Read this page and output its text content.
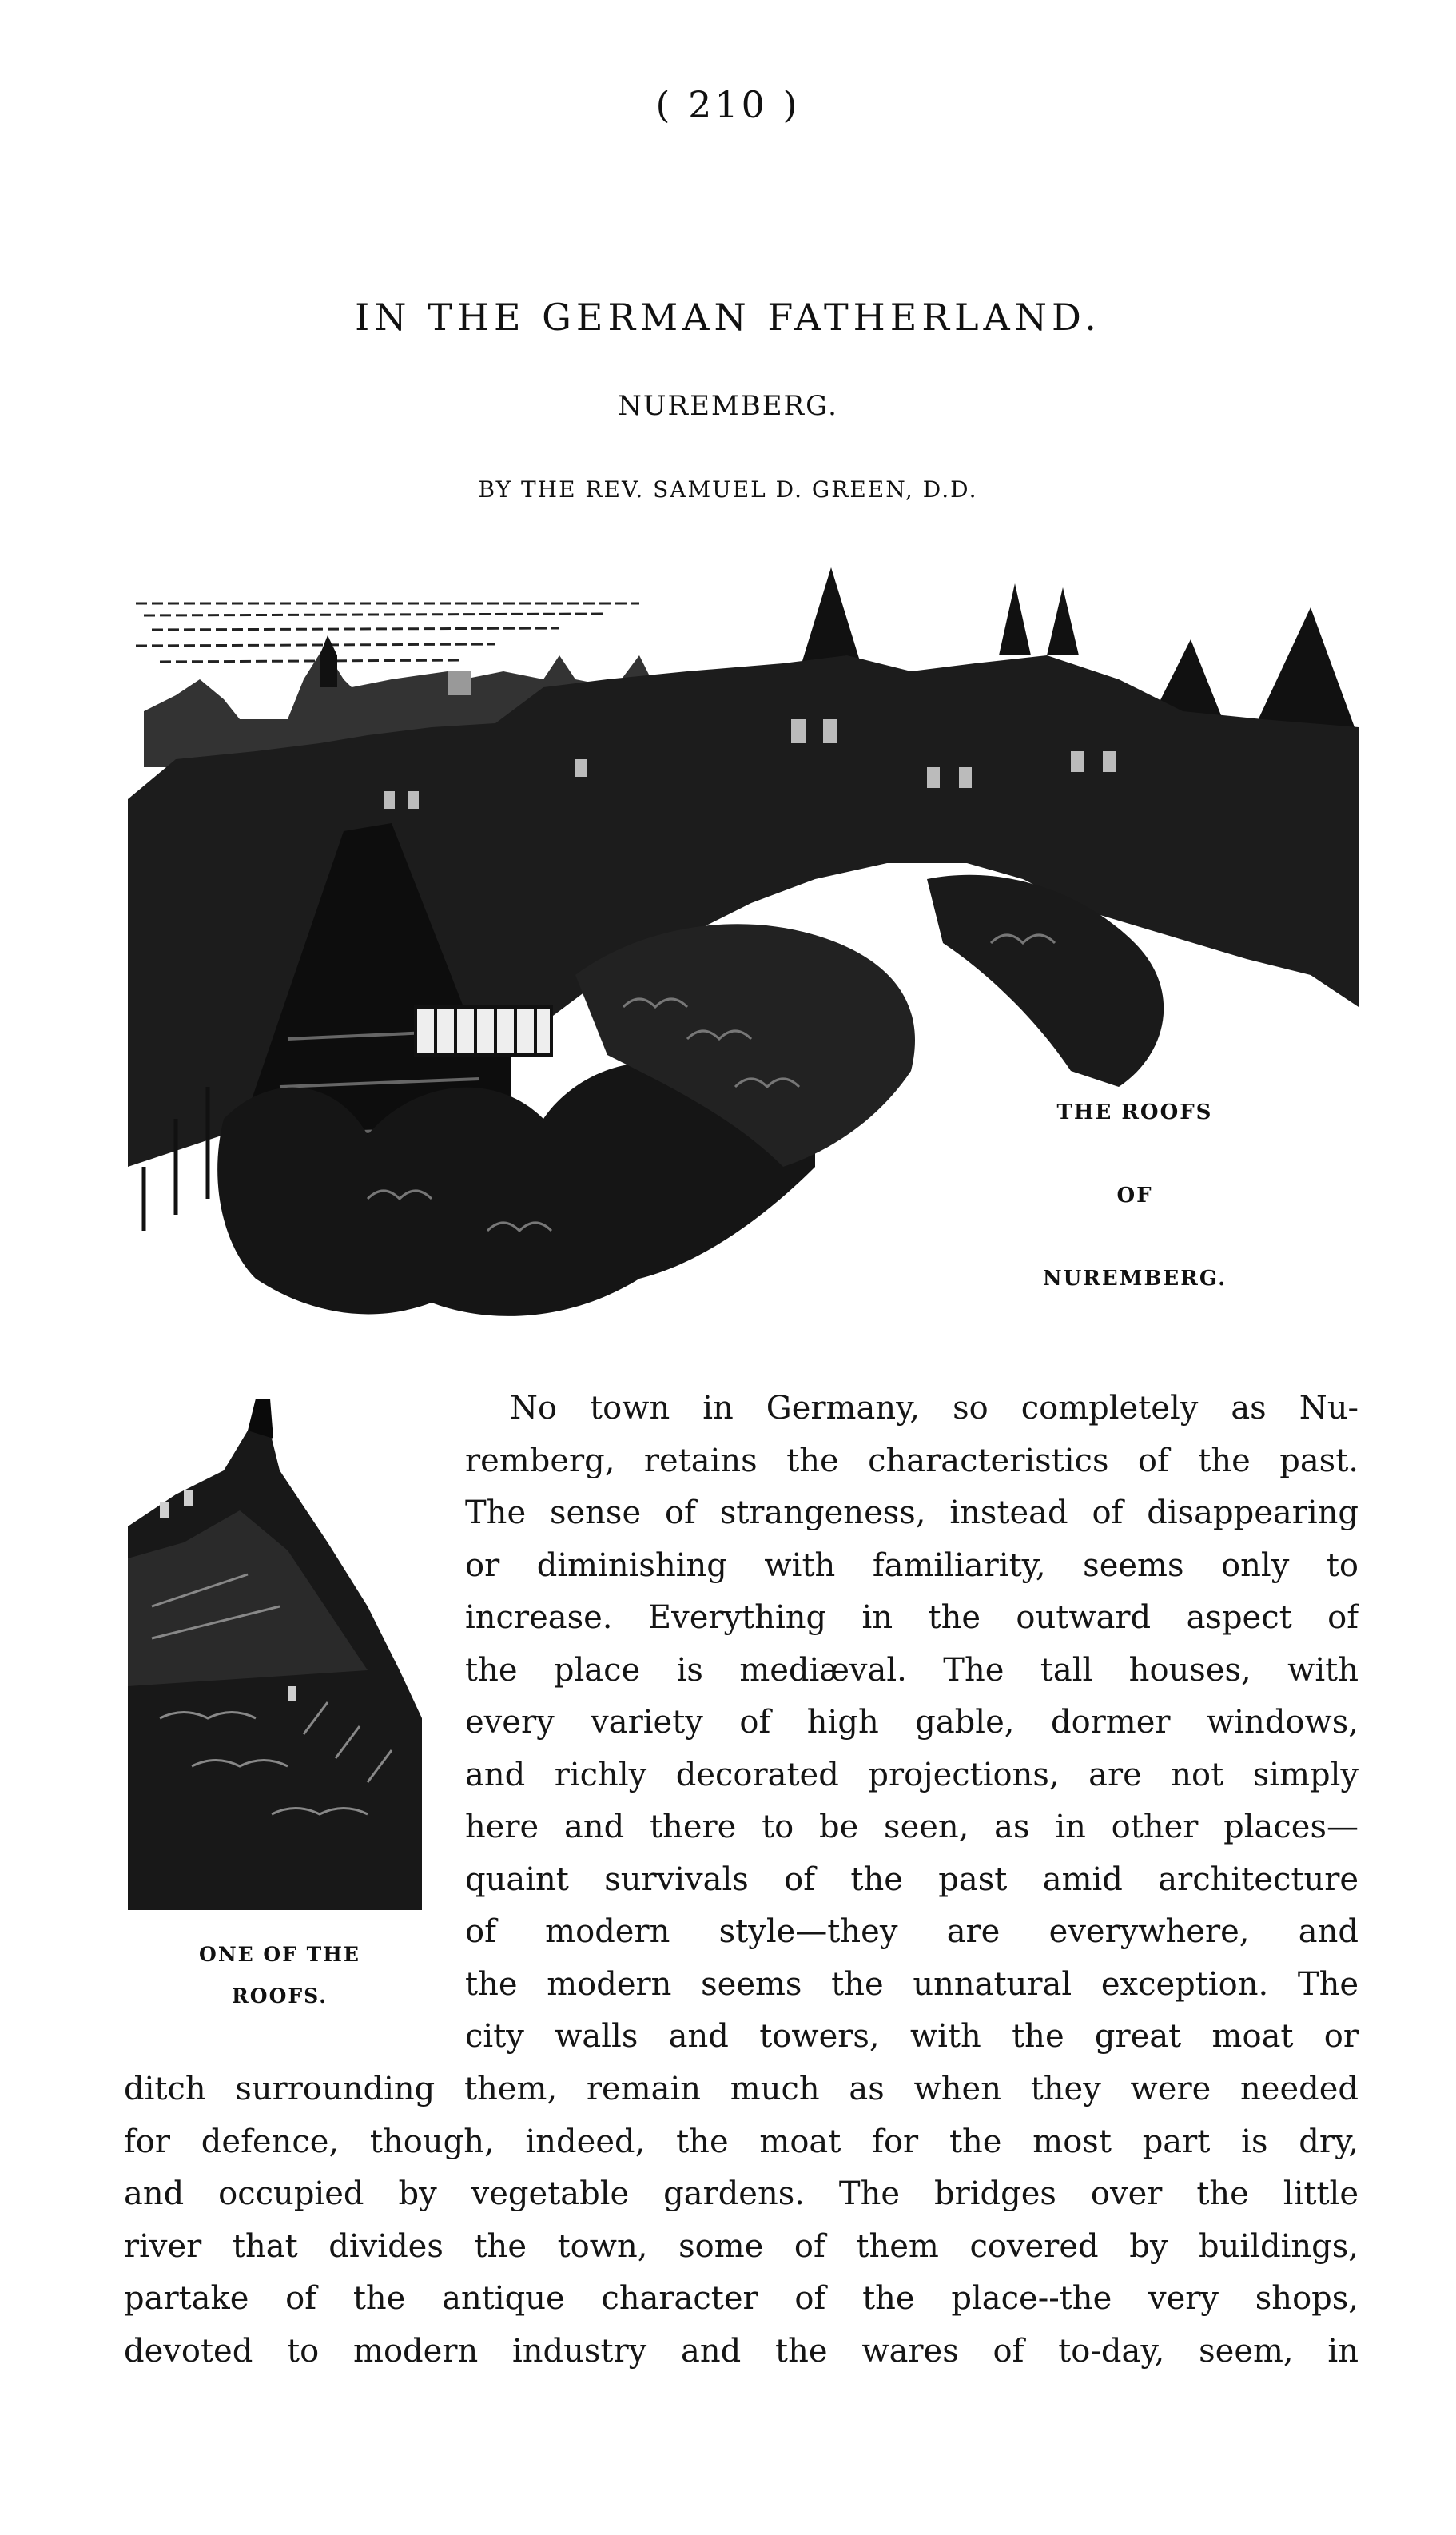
( 210 )
IN THE GERMAN FATHERLAND.
NUREMBERG.
BY THE REV. SAMUEL D. GREEN, D.D.
THE ROOFS
OF
NUREMBERG.
ONE OF THE
ROOFS.
No town in Germany, so completely as Nu-
remberg, retains the characteristics of the past.
The sense of strangeness, instead of disappearing
or diminishing with familiarity, seems only to
increase. Everything in the outward aspect of
the place is mediæval. The tall houses, with
every variety of high gable, dormer windows,
and richly decorated projections, are not simply
here and there to be seen, as in other places—
quaint survivals of the past amid architecture
of modern style—they are everywhere, and
the modern seems the unnatural exception. The
city walls and towers, with the great moat or
ditch surrounding them, remain much as when they were needed
for defence, though, indeed, the moat for the most part is dry,
and occupied by vegetable gardens. The bridges over the little
river that divides the town, some of them covered by buildings,
partake of the antique character of the place--the very shops,
devoted to modern industry and the wares of to-day, seem, in
